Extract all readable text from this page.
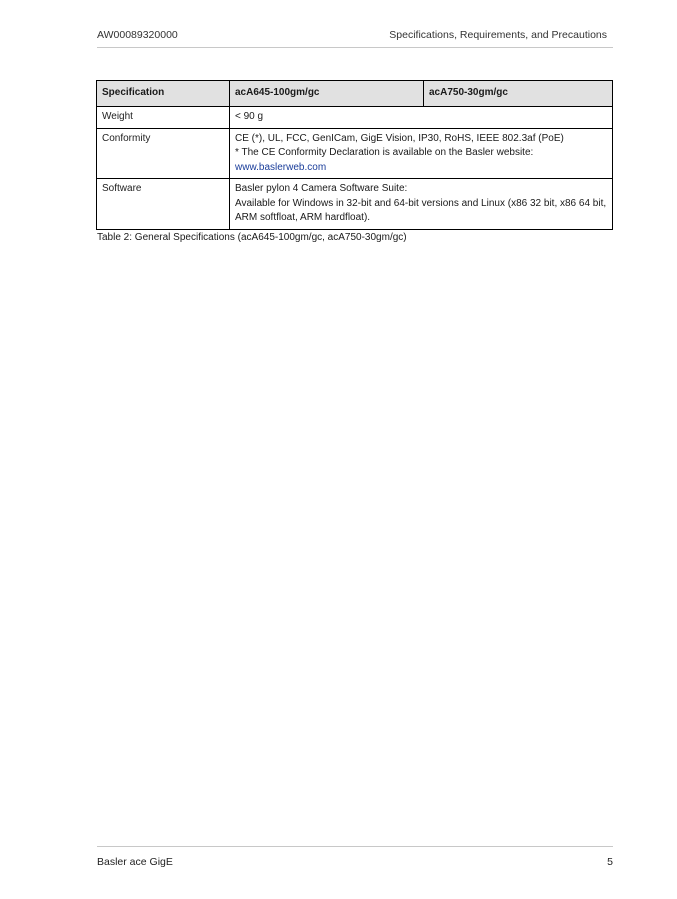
AW00089320000	Specifications, Requirements, and Precautions
Specification	acA645-100gm/gc	acA750-30gm/gc
Weight	< 90 g	

Conformity	CE (*), UL, FCC, GenICam, GigE Vision, IP30, RoHS, IEEE 802.3af (PoE)
* The CE Conformity Declaration is available on the Basler website:
www.baslerweb.com	

Software	Basler pylon 4 Camera Software Suite:
Available for Windows in 32-bit and 64-bit versions and Linux (x86 32 bit, x86 64 bit, ARM softfloat, ARM hardfloat).	
Table 2: General Specifications (acA645-100gm/gc, acA750-30gm/gc)
Basler ace GigE	5
